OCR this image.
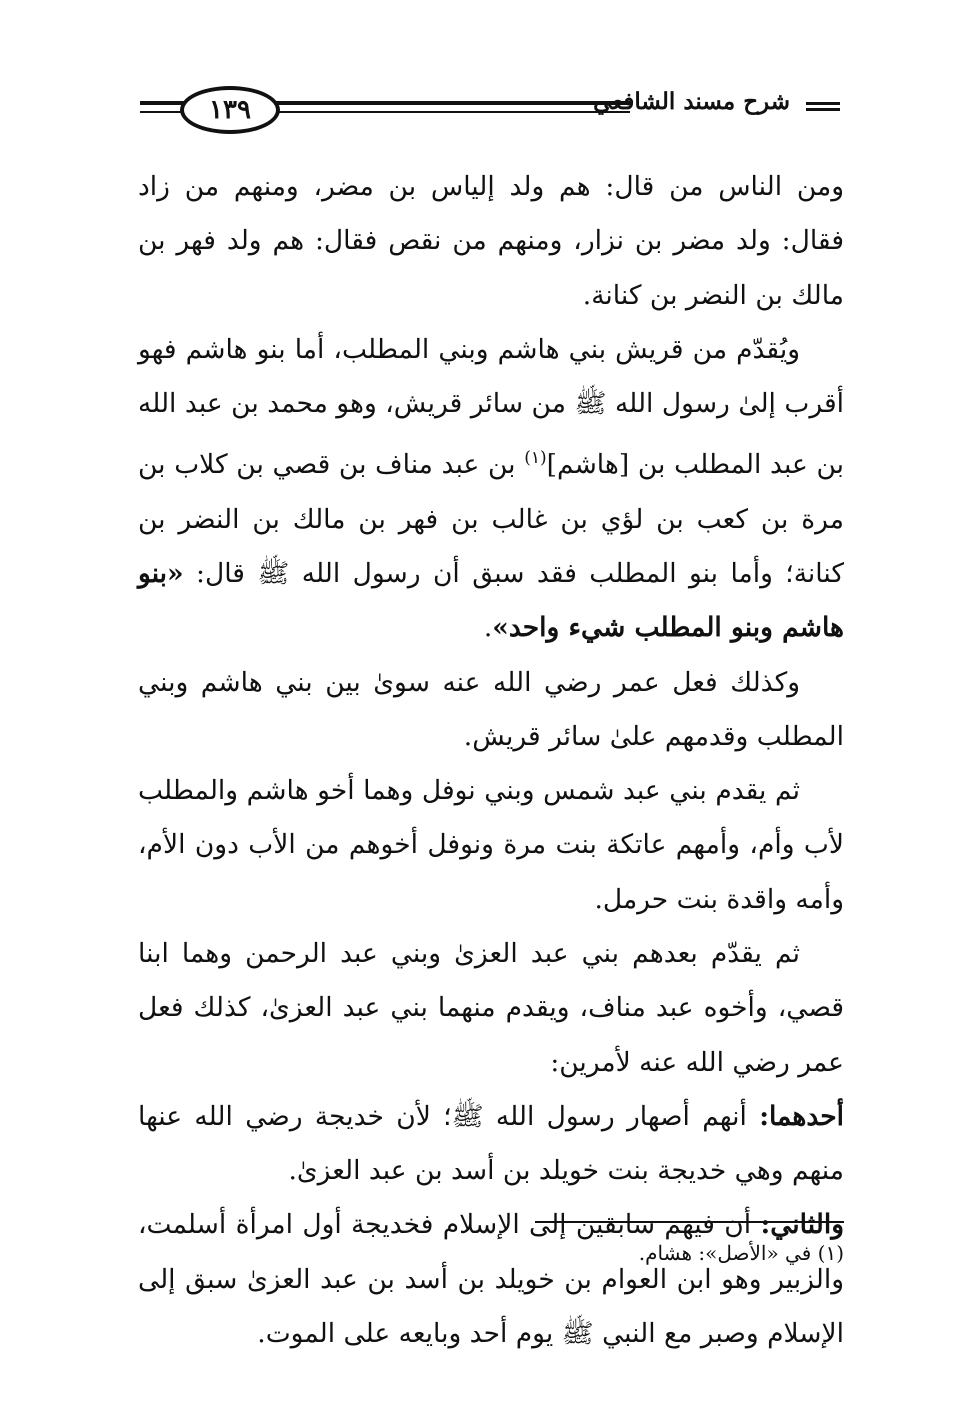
شرح مسند الشافعي
١٣٩

ومن الناس من قال: هم ولد إلياس بن مضر، ومنهم من زاد فقال: ولد مضر بن نزار، ومنهم من نقص فقال: هم ولد فهر بن مالك بن النضر بن كنانة.

ويُقدّم من قريش بني هاشم وبني المطلب، أما بنو هاشم فهو أقرب إلىٰ رسول الله ﷺ من سائر قريش، وهو محمد بن عبد الله بن عبد المطلب بن [هاشم]$^{(١)}$ بن عبد مناف بن قصي بن كلاب بن مرة بن كعب بن لؤي بن غالب بن فهر بن مالك بن النضر بن كنانة؛ وأما بنو المطلب فقد سبق أن رسول الله ﷺ قال: «بنو هاشم وبنو المطلب شيء واحد».

وكذلك فعل عمر رضي الله عنه سوىٰ بين بني هاشم وبني المطلب وقدمهم علىٰ سائر قريش.

ثم يقدم بني عبد شمس وبني نوفل وهما أخو هاشم والمطلب لأب وأم، وأمهم عاتكة بنت مرة ونوفل أخوهم من الأب دون الأم، وأمه واقدة بنت حرمل.

ثم يقدّم بعدهم بني عبد العزىٰ وبني عبد الرحمن وهما ابنا قصي، وأخوه عبد مناف، ويقدم منهما بني عبد العزىٰ، كذلك فعل عمر رضي الله عنه لأمرين:

أحدهما: أنهم أصهار رسول الله ﷺ؛ لأن خديجة رضي الله عنها منهم وهي خديجة بنت خويلد بن أسد بن عبد العزىٰ.

والثاني: أن فيهم سابقين إلى الإسلام فخديجة أول امرأة أسلمت، والزبير وهو ابن العوام بن خويلد بن أسد بن عبد العزىٰ سبق إلى الإسلام وصبر مع النبي ﷺ يوم أحد وبايعه على الموت.

(١) في «الأصل»: هشام.
